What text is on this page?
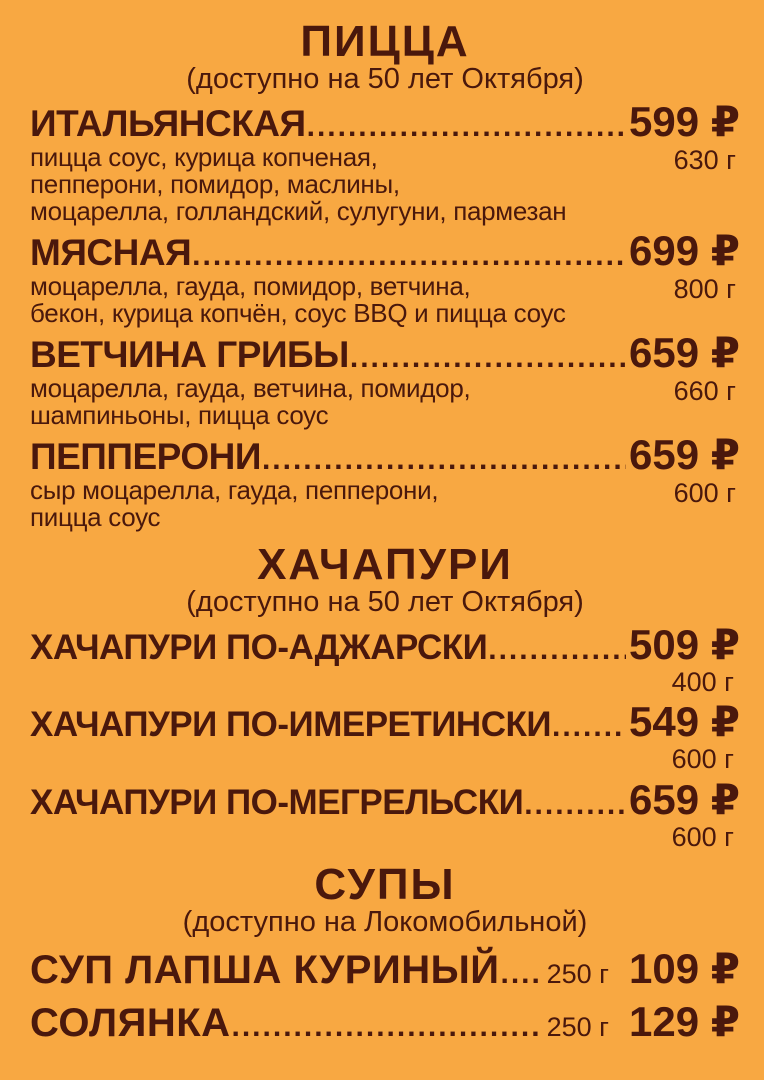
ПИЦЦА
(доступно на 50 лет Октября)
ИТАЛЬЯНСКАЯ .....	599 ₽
пицца соус, курица копченая,
пепперони, помидор, маслины,
моцарелла, голландский, сулугуни, пармезан
630 г
МЯСНАЯ .....	699 ₽
моцарелла, гауда, помидор, ветчина,
бекон, курица копчён, соус BBQ и пицца соус
800 г
ВЕТЧИНА ГРИБЫ .....	659 ₽
моцарелла, гауда, ветчина, помидор,
шампиньоны, пицца соус
660 г
ПЕППЕРОНИ .....	659 ₽
сыр моцарелла, гауда, пепперони,
пицца соус
600 г
ХАЧАПУРИ
(доступно на 50 лет Октября)
ХАЧАПУРИ ПО-АДЖАРСКИ .....	509 ₽
400 г
ХАЧАПУРИ ПО-ИМЕРЕТИНСКИ ..... 549 ₽
600 г
ХАЧАПУРИ ПО-МЕГРЕЛЬСКИ .....	659 ₽
600 г
СУПЫ
(доступно на Локомобильной)
СУП ЛАПША КУРИНЫЙ ..... 250 г 109 ₽
СОЛЯНКА .....	250 г 129 ₽
